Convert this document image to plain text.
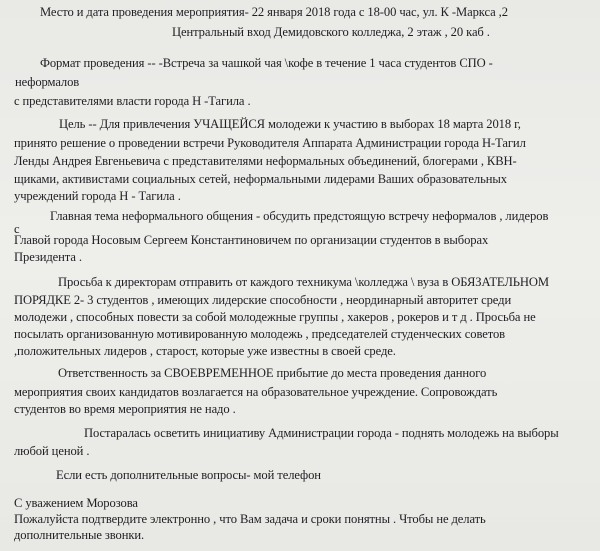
Место и дата проведения мероприятия- 22 января 2018 года с 18-00 час, ул. К -Маркса ,2
Центральный вход Демидовского колледжа, 2 этаж , 20 каб .
Формат проведения -- -Встреча за чашкой чая \кофе в течение 1 часа студентов СПО -
неформалов
с представителями власти города Н -Тагила .
Цель -- Для привлечения УЧАЩЕЙСЯ молодежи к участию в выборах 18 марта 2018 г,
принято решение о проведении встречи Руководителя Аппарата Администрации города Н-Тагил
Ленды Андрея Евгеньевича с представителями неформальных объединений, блогерами , КВН-
щиками, активистами социальных сетей, неформальными лидерами Ваших образовательных
учреждений города Н - Тагила .
Главная тема неформального общения - обсудить предстоящую встречу неформалов , лидеров
с
Главой города Носовым Сергеем Константиновичем по организации студентов в выборах
Президента .
Просьба к директорам отправить от каждого техникума \колледжа \ вуза в ОБЯЗАТЕЛЬНОМ
ПОРЯДКЕ 2- 3 студентов , имеющих лидерские способности , неординарный авторитет среди
молодежи , способных повести за собой молодежные группы , хакеров , рокеров и т д . Просьба не
посылать организованную мотивированную молодежь , председателей студенческих советов
,положительных лидеров , старост, которые уже известны в своей среде.
Ответственность за СВОЕВРЕМЕННОЕ прибытие до места проведения данного
мероприятия своих кандидатов возлагается на образовательное учреждение. Сопровождать
студентов во время мероприятия не надо .
Постаралась осветить инициативу Администрации города - поднять молодежь на выборы
любой ценой .
Если есть дополнительные вопросы- мой телефон
С уважением Морозова
Пожалуйста подтвердите электронно , что Вам задача и сроки понятны . Чтобы не делать
дополнительные звонки.
